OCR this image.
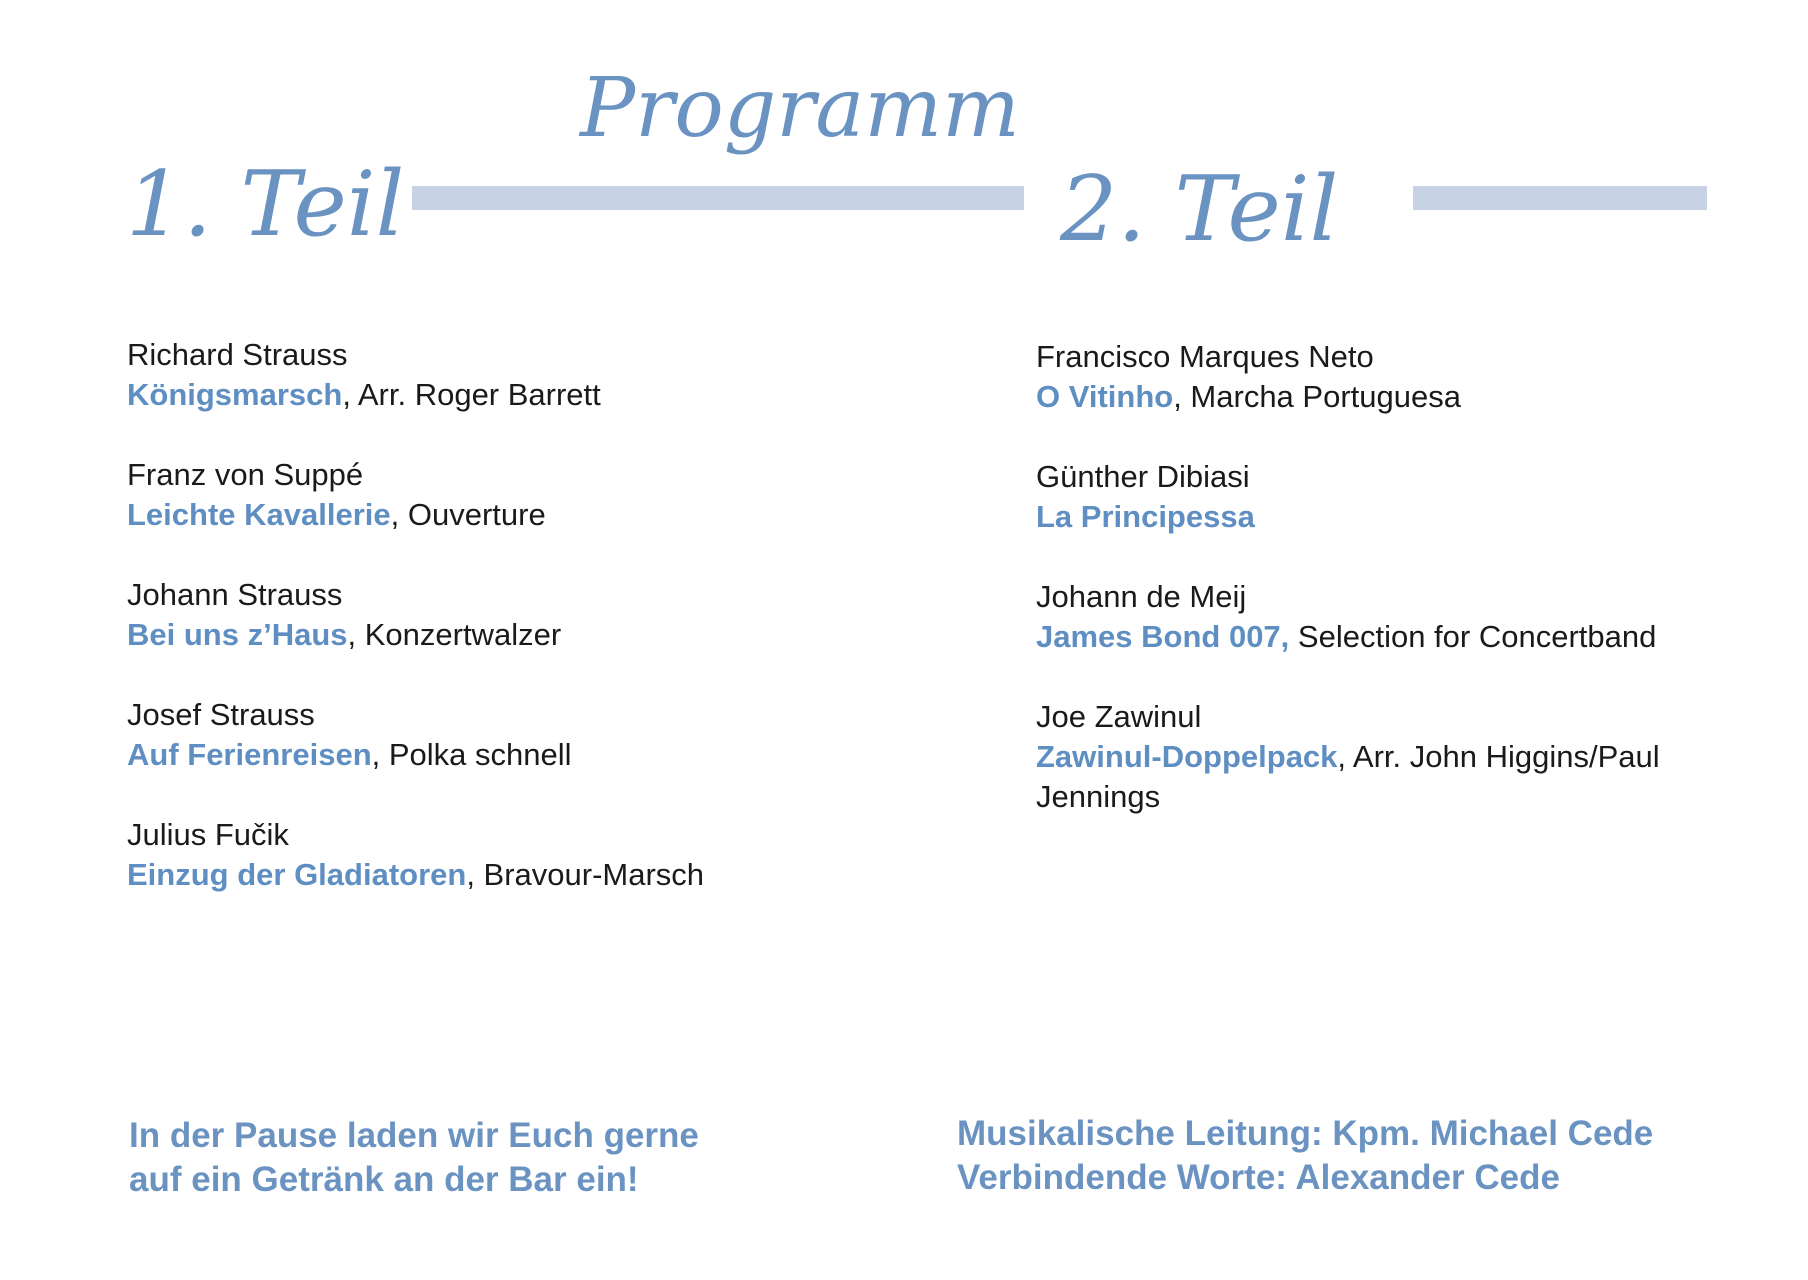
Programm
1. Teil	2. Teil
Richard Strauss
Königsmarsch, Arr. Roger Barrett
Franz von Suppé
Leichte Kavallerie, Ouverture
Johann Strauss
Bei uns z’Haus, Konzertwalzer
Josef Strauss
Auf Ferienreisen, Polka schnell
Julius Fučik
Einzug der Gladiatoren, Bravour-Marsch
Francisco Marques Neto
O Vitinho, Marcha Portuguesa
Günther Dibiasi
La Principessa
Johann de Meij
James Bond 007, Selection for Concertband
Joe Zawinul
Zawinul-Doppelpack, Arr. John Higgins/Paul Jennings
In der Pause laden wir Euch gerne
auf ein Getränk an der Bar ein!
Musikalische Leitung: Kpm. Michael Cede
Verbindende Worte: Alexander Cede
